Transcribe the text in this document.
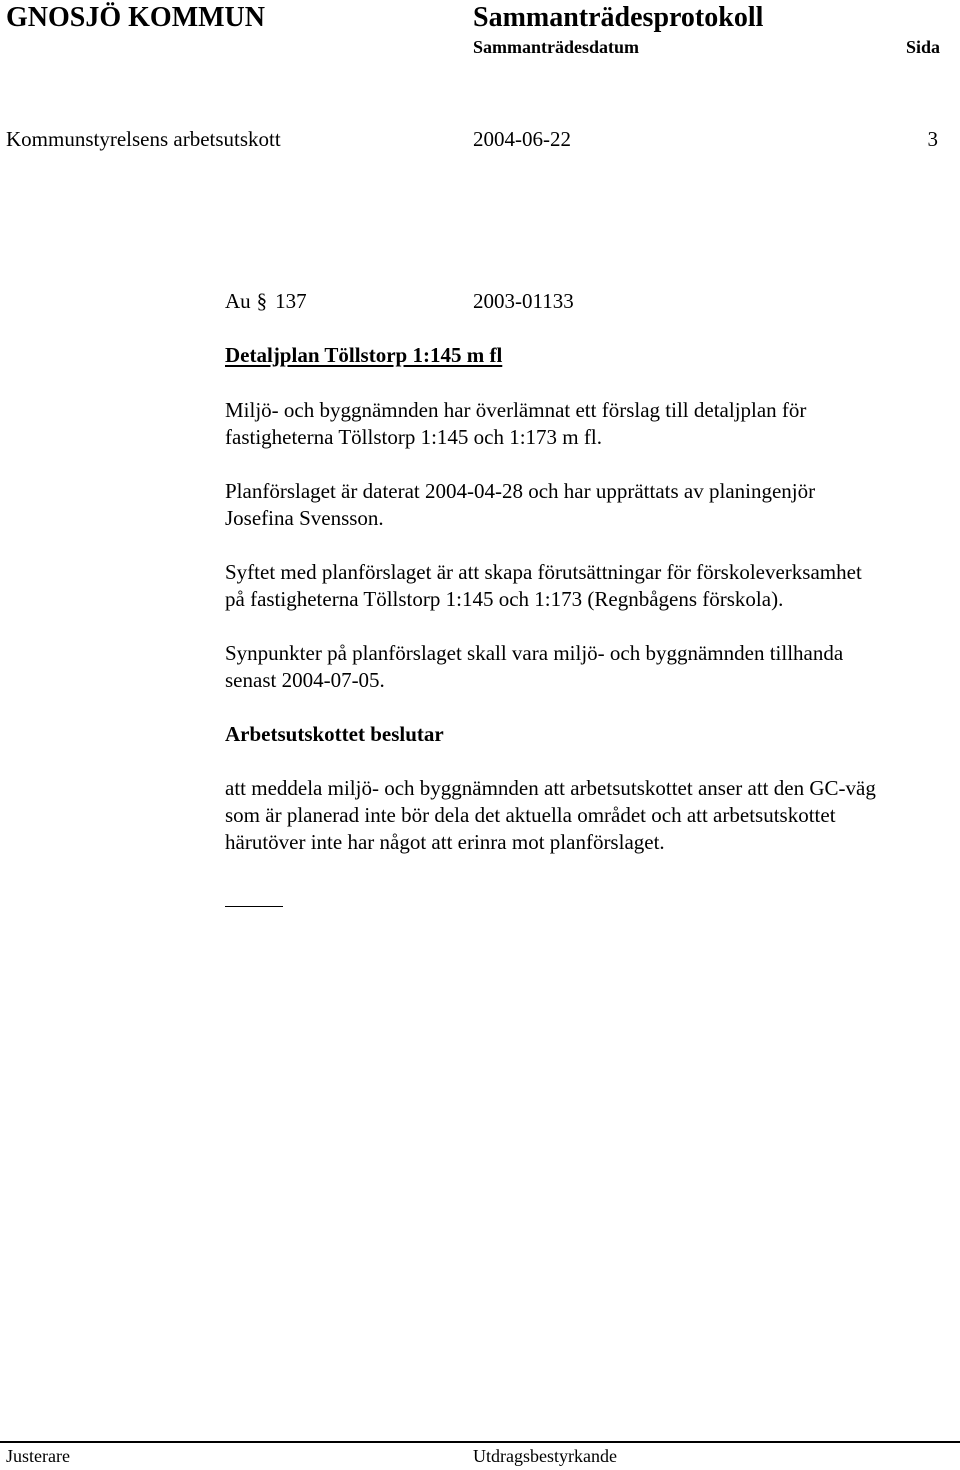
GNOSJÖ KOMMUN	Sammanträdesprotokoll
Sammanträdesdatum	Sida
Kommunstyrelsens arbetsutskott	2004-06-22	3
Au § 137	2003-01133
Detaljplan Töllstorp 1:145 m fl

Miljö- och byggnämnden har överlämnat ett förslag till detaljplan för
fastigheterna Töllstorp 1:145 och 1:173 m fl.

Planförslaget är daterat 2004-04-28 och har upprättats av planingenjör
Josefina Svensson.

Syftet med planförslaget är att skapa förutsättningar för förskoleverksamhet
på fastigheterna Töllstorp 1:145 och 1:173 (Regnbågens förskola).

Synpunkter på planförslaget skall vara miljö- och byggnämnden tillhanda
senast 2004-07-05.

Arbetsutskottet beslutar

att meddela miljö- och byggnämnden att arbetsutskottet anser att den GC-väg
som är planerad inte bör dela det aktuella området och att arbetsutskottet
härutöver inte har något att erinra mot planförslaget.

Justerare	Utdragsbestyrkande
